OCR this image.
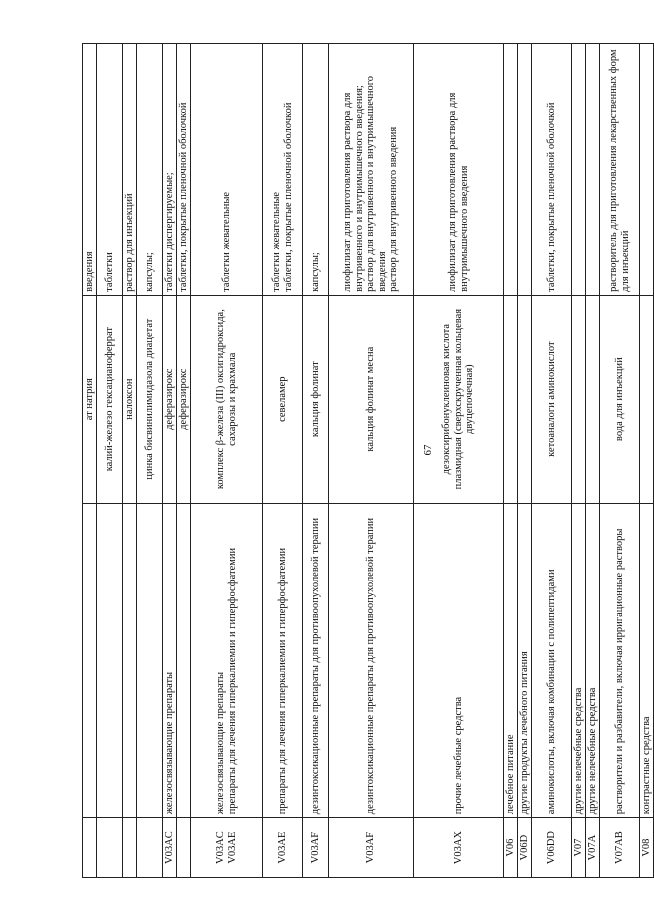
67
		ат натрия	введения
		калий-железо гексацианоферрат	таблетки
		налоксон	раствор для инъекций
		цинка бисвинилимидазола диацетат	капсулы;
V03AC	железосвязывающие препараты	деферазирокс	таблетки диспергируемые;
		деферазирокс	таблетки, покрытые пленочной оболочкой
V03AC V03AE	железосвязывающие препараты препараты для лечения гиперкалиемии и гиперфосфатемии	комплекс β-железа (III) оксигидроксида, сахарозы и крахмала	таблетки жевательные
V03AE	препараты для лечения гиперкалиемии и гиперфосфатемии	севеламер	таблетки жевательные таблетки, покрытые пленочной оболочкой

V03AF	дезинтоксикационные препараты для противоопухолевой терапии	кальция фолинат	капсулы;
V03AF	дезинтоксикационные препараты для противоопухолевой терапии	кальция фолинат месна	лиофилизат для приготовления раствора для внутривенного и внутримышечного введения; раствор для внутривенного и внутримышечного введения раствор для внутривенного введения

V03AX	прочие лечебные средства	дезоксирибонуклеиновая кислота плазмидная (сверхскрученная кольцевая двуцепочечная)	лиофилизат для приготовления раствора для внутримышечного введения
V06	лечебное питание		
V06D	другие продукты лечебного питания		
V06DD	аминокислоты, включая комбинации с полипептидами	кетоаналоги аминокислот	таблетки, покрытые пленочной оболочкой
V07	другие нелечебные средства		
V07A	другие нелечебные средства		
V07AB	растворители и разбавители, включая ирригационные растворы	вода для инъекций	растворитель для приготовления лекарственных форм для инъекций
V08	контрастные средства		
